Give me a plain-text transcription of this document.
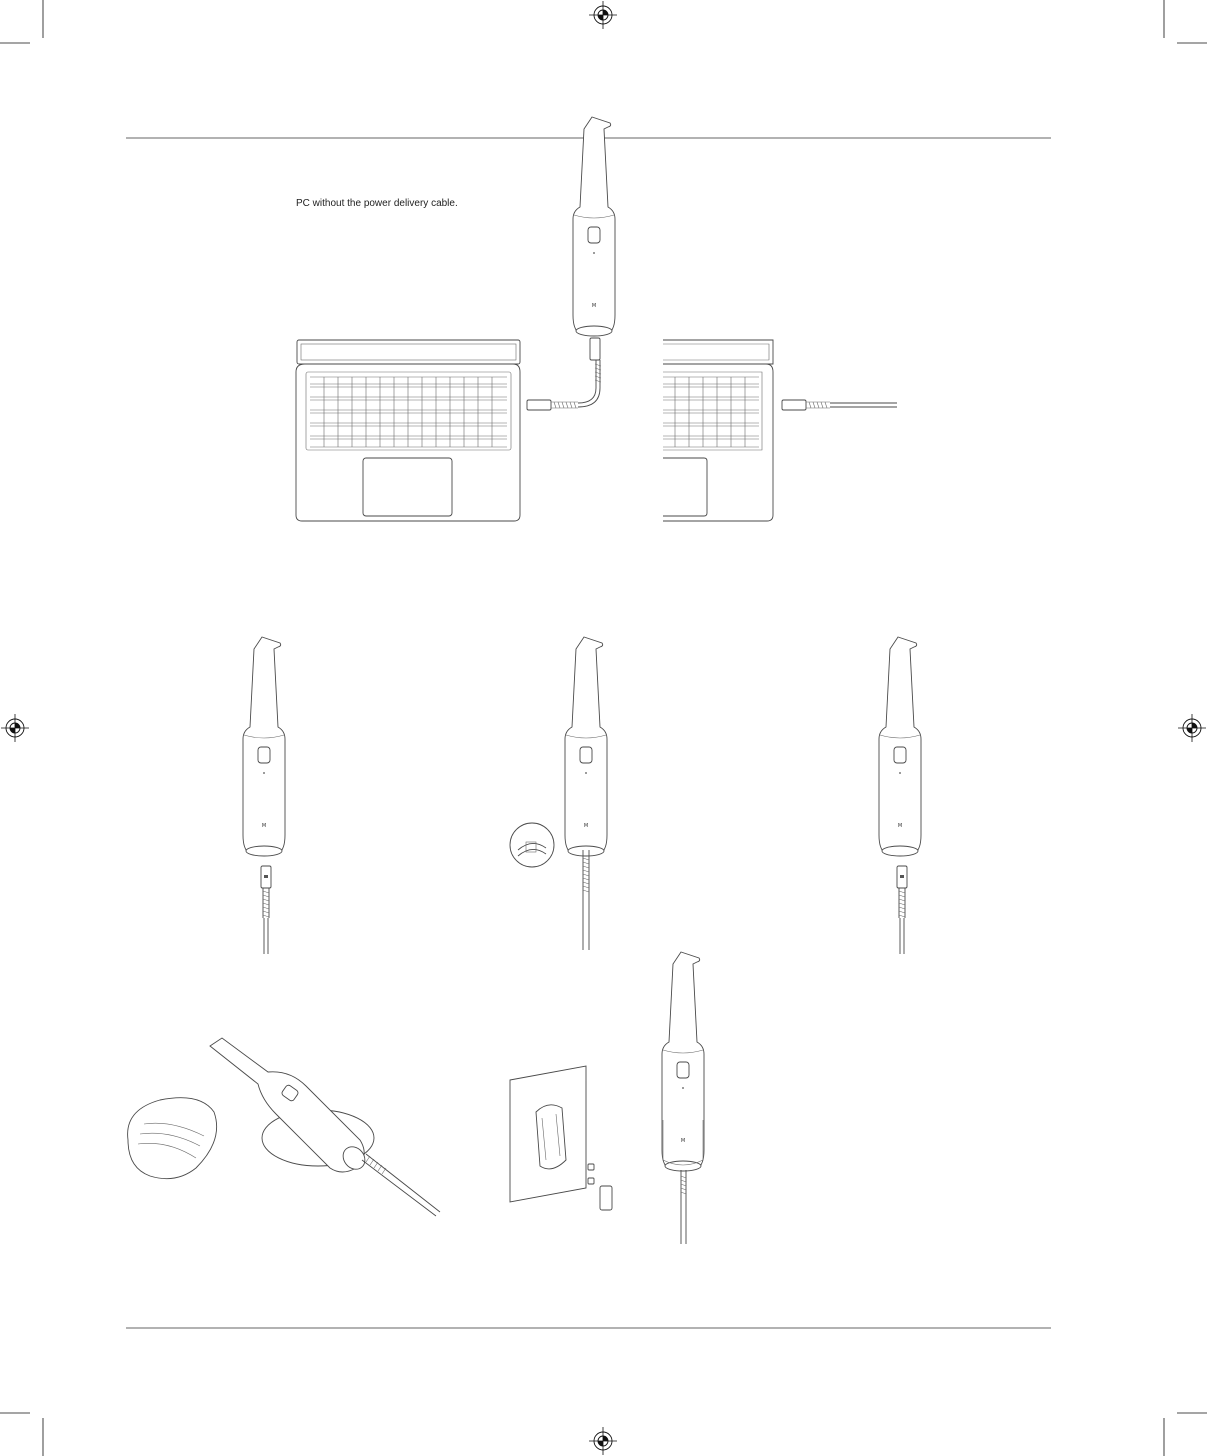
PC without the power delivery cable.
